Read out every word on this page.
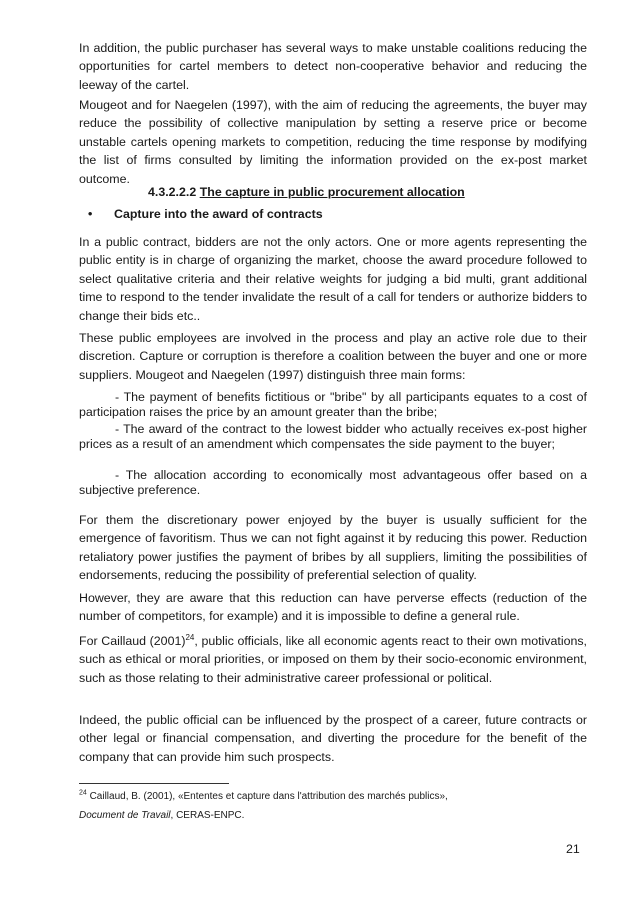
In addition, the public purchaser has several ways to make unstable coalitions reducing the opportunities for cartel members to detect non-cooperative behavior and reducing the leeway of the cartel.

Mougeot and for Naegelen (1997), with the aim of reducing the agreements, the buyer may reduce the possibility of collective manipulation by setting a reserve price or become unstable cartels opening markets to competition, reducing the time response by modifying the list of firms consulted by limiting the information provided on the ex-post market outcome.

4.3.2.2.2 The capture in public procurement allocation

• Capture into the award of contracts

In a public contract, bidders are not the only actors. One or more agents representing the public entity is in charge of organizing the market, choose the award procedure followed to select qualitative criteria and their relative weights for judging a bid multi, grant additional time to respond to the tender invalidate the result of a call for tenders or authorize bidders to change their bids etc..

These public employees are involved in the process and play an active role due to their discretion. Capture or corruption is therefore a coalition between the buyer and one or more suppliers. Mougeot and Naegelen (1997) distinguish three main forms:

- The payment of benefits fictitious or "bribe" by all participants equates to a cost of participation raises the price by an amount greater than the bribe;

- The award of the contract to the lowest bidder who actually receives ex-post higher prices as a result of an amendment which compensates the side payment to the buyer;

- The allocation according to economically most advantageous offer based on a subjective preference.

For them the discretionary power enjoyed by the buyer is usually sufficient for the emergence of favoritism. Thus we can not fight against it by reducing this power. Reduction retaliatory power justifies the payment of bribes by all suppliers, limiting the possibilities of endorsements, reducing the possibility of preferential selection of quality.

However, they are aware that this reduction can have perverse effects (reduction of the number of competitors, for example) and it is impossible to define a general rule.

For Caillaud $(2001)^{24}$, public officials, like all economic agents react to their own motivations, such as ethical or moral priorities, or imposed on them by their socio-economic environment, such as those relating to their administrative career professional or political.

Indeed, the public official can be influenced by the prospect of a career, future contracts or other legal or financial compensation, and diverting the procedure for the benefit of the company that can provide him such prospects.

$^{24}$ Caillaud, B. (2001), «Ententes et capture dans l'attribution des marchés publics»,

Document de Travail, CERAS-ENPC.

21
